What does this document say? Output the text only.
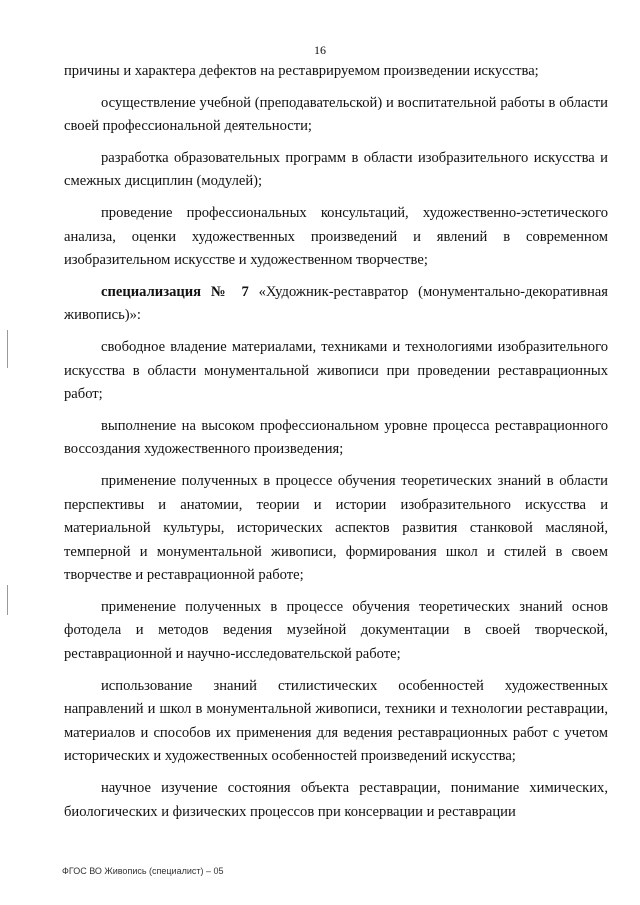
16

причины и характера дефектов на реставрируемом произведении искусства;

осуществление учебной (преподавательской) и воспитательной работы в области своей профессиональной деятельности;

разработка образовательных программ в области изобразительного искусства и смежных дисциплин (модулей);

проведение профессиональных консультаций, художественно-эстетического анализа, оценки художественных произведений и явлений в современном изобразительном искусстве и художественном творчестве;

специализация № 7 «Художник-реставратор (монументально-декоративная живопись)»:

свободное владение материалами, техниками и технологиями изобразительного искусства в области монументальной живописи при проведении реставрационных работ;

выполнение на высоком профессиональном уровне процесса реставрационного воссоздания художественного произведения;

применение полученных в процессе обучения теоретических знаний в области перспективы и анатомии, теории и истории изобразительного искусства и материальной культуры, исторических аспектов развития станковой масляной, темперной и монументальной живописи, формирования школ и стилей в своем творчестве и реставрационной работе;

применение полученных в процессе обучения теоретических знаний основ фотодела и методов ведения музейной документации в своей творческой, реставрационной и научно-исследовательской работе;

использование знаний стилистических особенностей художественных направлений и школ в монументальной живописи, техники и технологии реставрации, материалов и способов их применения для ведения реставрационных работ с учетом исторических и художественных особенностей произведений искусства;

научное изучение состояния объекта реставрации, понимание химических, биологических и физических процессов при консервации и реставрации

ФГОС ВО Живопись (специалист) – 05
